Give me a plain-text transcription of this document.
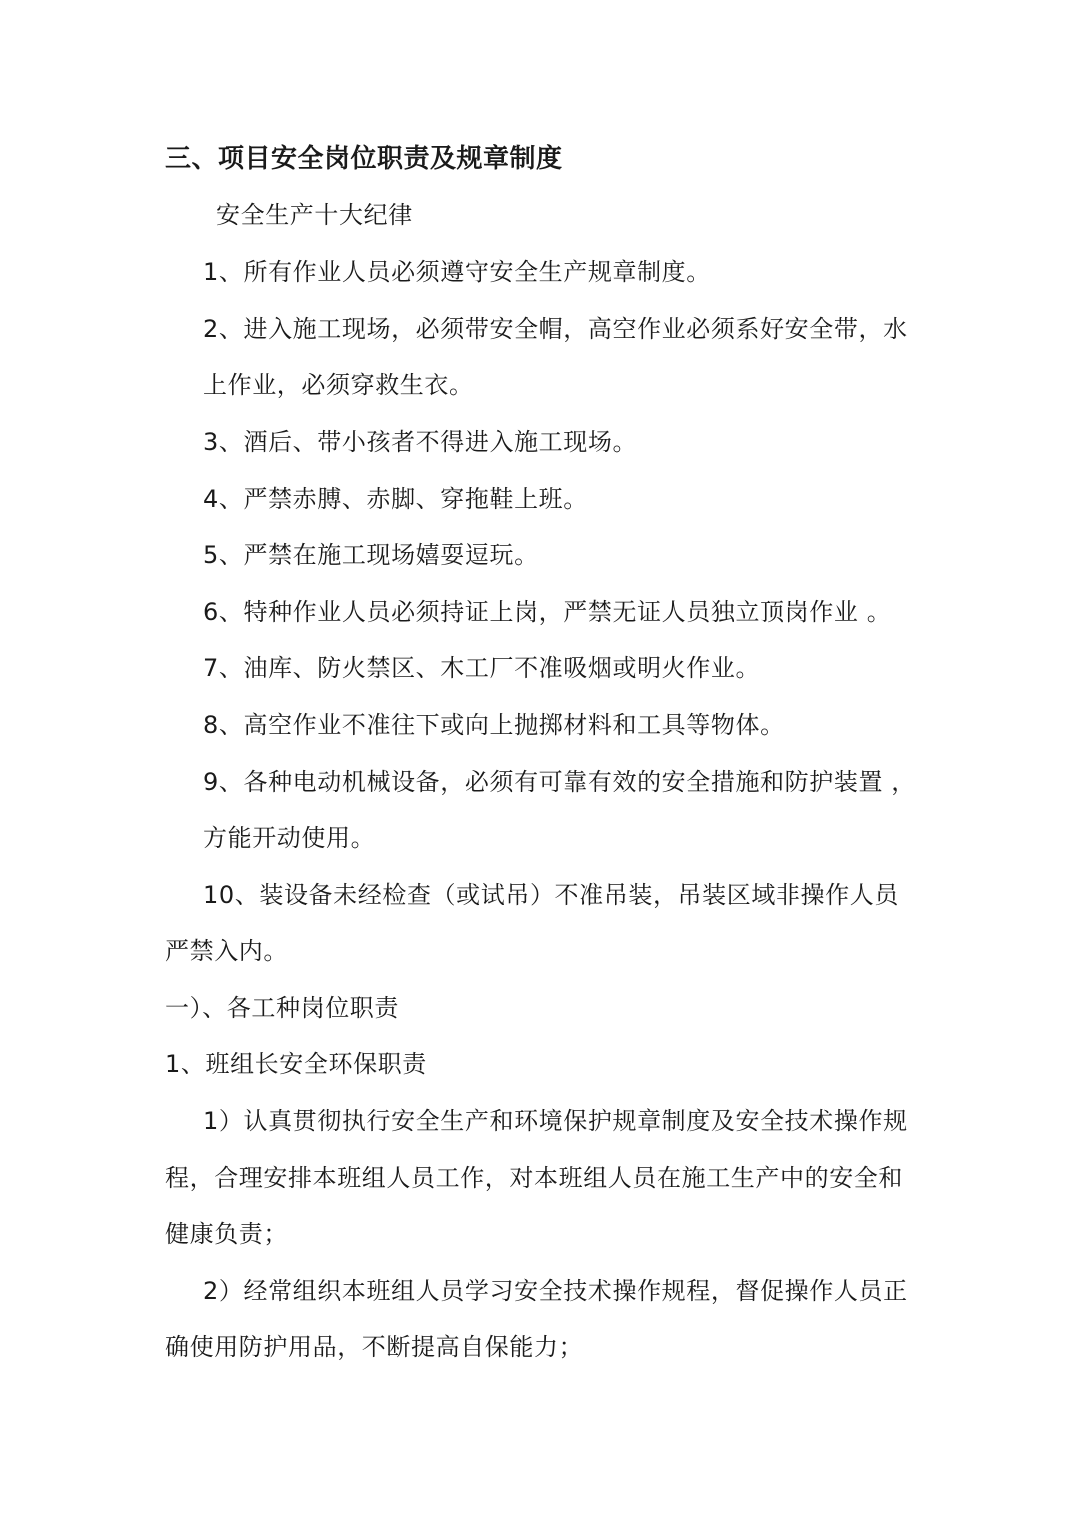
三、项目安全岗位职责及规章制度
安全生产十大纪律
1、所有作业人员必须遵守安全生产规章制度。
2、进入施工现场，必须带安全帽，高空作业必须系好安全带，水
上作业，必须穿救生衣。
3、酒后、带小孩者不得进入施工现场。
4、严禁赤膊、赤脚、穿拖鞋上班。
5、严禁在施工现场嬉耍逗玩。
6、特种作业人员必须持证上岗，严禁无证人员独立顶岗作业 。
7、油库、防火禁区、木工厂不准吸烟或明火作业。
8、高空作业不准往下或向上抛掷材料和工具等物体。
9、各种电动机械设备，必须有可靠有效的安全措施和防护装置 ，
方能开动使用。
10、装设备未经检查（或试吊）不准吊装，吊装区域非操作人员
严禁入内。
一）、各工种岗位职责
1、班组长安全环保职责
1）认真贯彻执行安全生产和环境保护规章制度及安全技术操作规
程，合理安排本班组人员工作，对本班组人员在施工生产中的安全和
健康负责；
2）经常组织本班组人员学习安全技术操作规程，督促操作人员正
确使用防护用品，不断提高自保能力；
